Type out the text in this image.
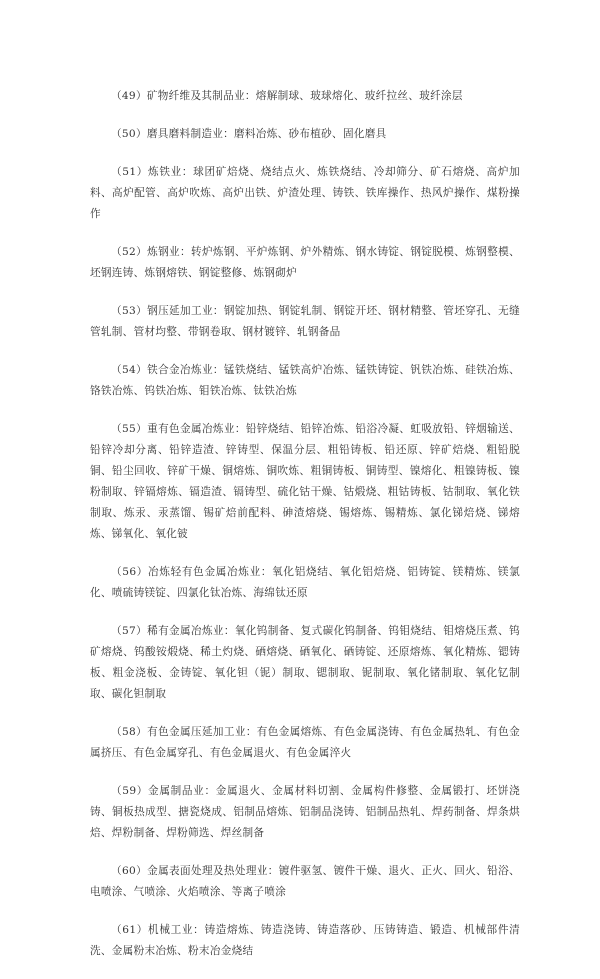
（49）矿物纤维及其制品业：熔解制球、玻球熔化、玻纤拉丝、玻纤涂层

（50）磨具磨料制造业：磨料冶炼、砂布植砂、固化磨具

（51）炼铁业：球团矿焙烧、烧结点火、炼铁烧结、冷却筛分、矿石熔烧、高炉加料、高炉配管、高炉吹炼、高炉出铁、炉渣处理、铸铁、铁库操作、热风炉操作、煤粉操作

（52）炼钢业：转炉炼钢、平炉炼钢、炉外精炼、钢水铸锭、钢锭脱模、炼钢整模、坯钢连铸、炼钢熔铁、钢锭整修、炼钢砌炉

（53）钢压延加工业：钢锭加热、钢锭轧制、钢锭开坯、钢材精整、管坯穿孔、无缝管轧制、管材均整、带钢卷取、钢材镀锌、轧钢备品

（54）铁合金冶炼业：锰铁烧结、锰铁高炉冶炼、锰铁铸锭、钒铁冶炼、硅铁冶炼、铬铁冶炼、钨铁冶炼、钼铁冶炼、钛铁冶炼

（55）重有色金属冶炼业：铅锌烧结、铅锌冶炼、铅浴冷凝、虹吸放铅、锌烟输送、铅锌冷却分离、铅锌造渣、锌铸型、保温分层、粗铅铸板、铅还原、锌矿焙烧、粗铅脱铜、铅尘回收、锌矿干燥、铜熔炼、铜吹炼、粗铜铸板、铜铸型、镍熔化、粗镍铸板、镍粉制取、锌镉熔炼、镉造渣、镉铸型、硫化钴干燥、钴煅烧、粗钴铸板、钴制取、氧化铁制取、炼汞、汞蒸馏、锡矿焙前配料、砷渣熔烧、锡熔炼、锡精炼、氯化锑焙烧、锑熔炼、锑氧化、氧化铍

（56）冶炼轻有色金属冶炼业：氧化铝烧结、氧化铝焙烧、铝铸锭、镁精炼、镁氯化、喷硫铸镁锭、四氯化钛冶炼、海绵钛还原

（57）稀有金属冶炼业：氧化钨制备、复式碳化钨制备、钨钼烧结、钼熔烧压煮、钨矿熔烧、钨酸铵煅烧、稀土灼烧、硒熔烧、硒氧化、硒铸锭、还原熔炼、氧化精炼、锶铸板、粗金浇板、金铸锭、氧化钽（铌）制取、锶制取、铌制取、氧化锗制取、氧化钇制取、碳化钽制取

（58）有色金属压延加工业：有色金属熔炼、有色金属浇铸、有色金属热轧、有色金属挤压、有色金属穿孔、有色金属退火、有色金属淬火

（59）金属制品业：金属退火、金属材料切割、金属构件修整、金属锻打、坯饼浇铸、铜板热成型、搪瓷烧成、铝制品熔炼、铝制品浇铸、铝制品热轧、焊药制备、焊条烘焙、焊粉制备、焊粉筛选、焊丝制备

（60）金属表面处理及热处理业：镀件驱氢、镀件干燥、退火、正火、回火、铅浴、电喷涂、气喷涂、火焰喷涂、等离子喷涂

（61）机械工业：铸造熔炼、铸造浇铸、铸造落砂、压铸铸造、锻造、机械部件清洗、金属粉末冶炼、粉末冶金烧结
